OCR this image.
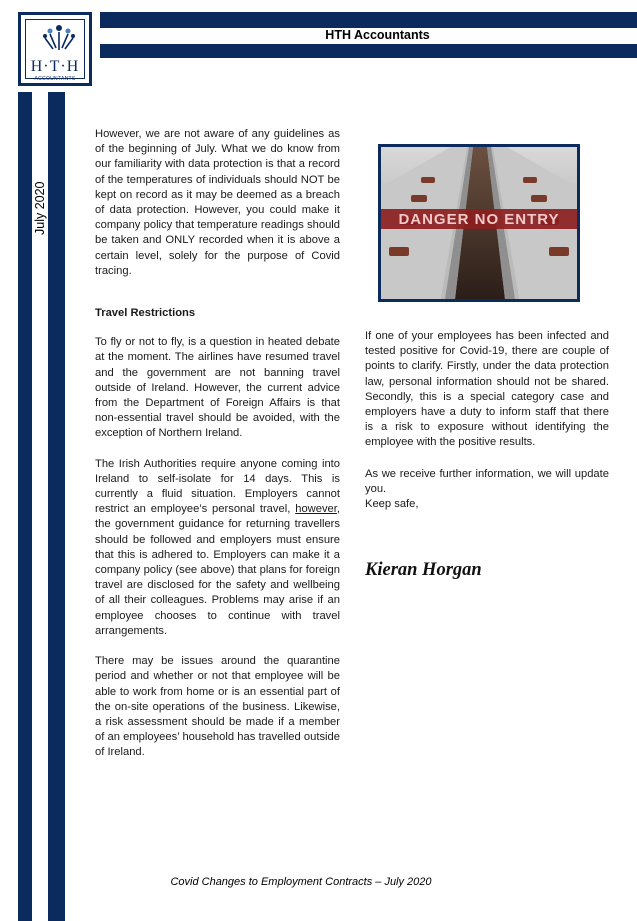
HTH Accountants
July 2020
H·T·H
ACCOUNTANTS

However, we are not aware of any guidelines as of the beginning of July. What we do know from our familiarity with data protection is that a record of the temperatures of individuals should NOT be kept on record as it may be deemed as a breach of data protection. However, you could make it company policy that temperature readings should be taken and ONLY recorded when it is above a certain level, solely for the purpose of Covid tracing.

Travel Restrictions

To fly or not to fly, is a question in heated debate at the moment. The airlines have resumed travel and the government are not banning travel outside of Ireland. However, the current advice from the Department of Foreign Affairs is that non-essential travel should be avoided, with the exception of Northern Ireland.

The Irish Authorities require anyone coming into Ireland to self-isolate for 14 days. This is currently a fluid situation. Employers cannot restrict an employee’s personal travel, however, the government guidance for returning travellers should be followed and employers must ensure that this is adhered to. Employers can make it a company policy (see above) that plans for foreign travel are disclosed for the safety and wellbeing of all their colleagues. Problems may arise if an employee chooses to continue with travel arrangements.

There may be issues around the quarantine period and whether or not that employee will be able to work from home or is an essential part of the on-site operations of the business. Likewise, a risk assessment should be made if a member of an employees’ household has travelled outside of Ireland.

DANGER NO ENTRY

If one of your employees has been infected and tested positive for Covid-19, there are couple of points to clarify. Firstly, under the data protection law, personal information should not be shared. Secondly, this is a special category case and employers have a duty to inform staff that there is a risk to exposure without identifying the employee with the positive results.

As we receive further information, we will update you.

Keep safe,

Kieran Horgan
Covid Changes to Employment Contracts – July 2020
